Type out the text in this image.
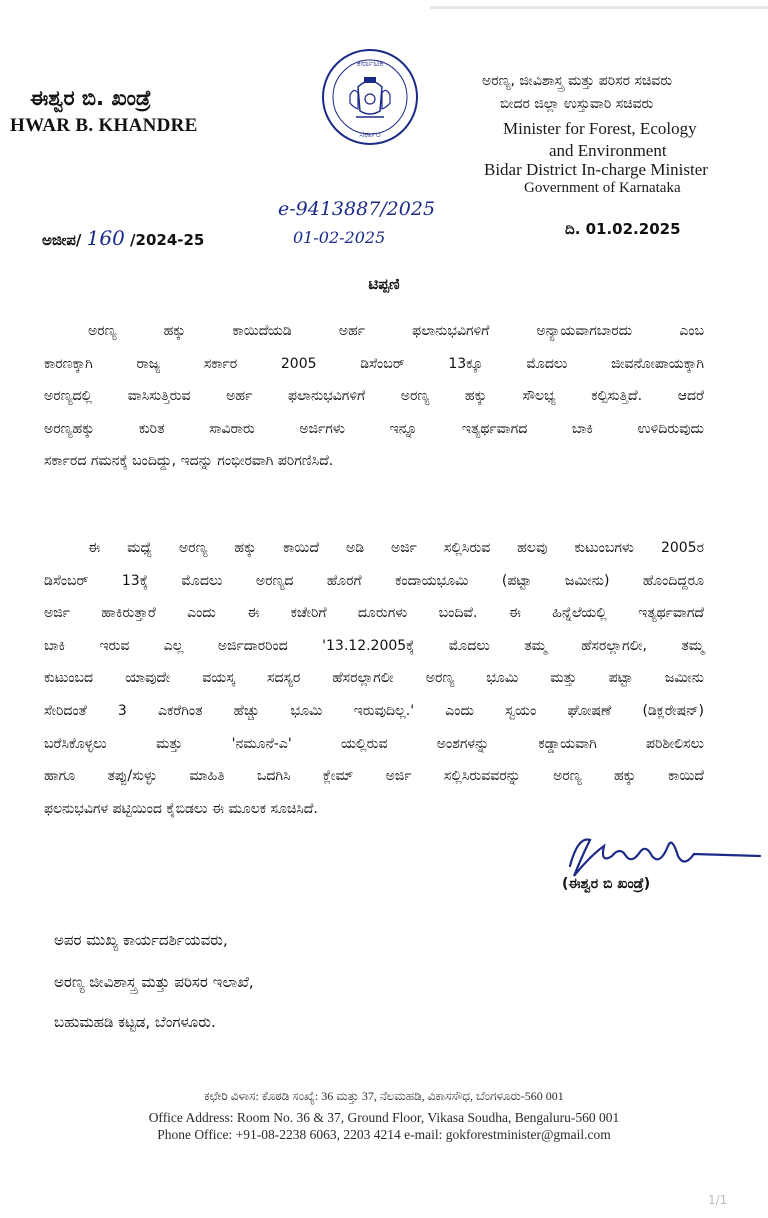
ಈಶ್ವರ ಬಿ. ಖಂಡ್ರೆ
HWAR B. KHANDRE
ಕರ್ನಾಟಕ
ಸರ್ಕಾರ
ಅರಣ್ಯ, ಜೀವಿಶಾಸ್ತ್ರ ಮತ್ತು ಪರಿಸರ ಸಚಿವರು
ಬೀದರ ಜಿಲ್ಲಾ ಉಸ್ತುವಾರಿ ಸಚಿವರು
Minister for Forest, Ecology
and Environment
Bidar District In-charge Minister
Government of Karnataka
ಅಜೀಪ/ 160 /2024-25
e-9413887/2025
01-02-2025	ದಿ. 01.02.2025
ಟಿಪ್ಪಣಿ
ಅರಣ್ಯ ಹಕ್ಕು ಕಾಯಿದೆಯಡಿ ಅರ್ಹ ಫಲಾನುಭವಿಗಳಿಗೆ ಅನ್ಯಾಯವಾಗಬಾರದು ಎಂಬ
ಕಾರಣಕ್ಕಾಗಿ ರಾಜ್ಯ ಸರ್ಕಾರ 2005 ಡಿಸೆಂಬರ್ 13ಕ್ಕೂ ಮೊದಲು ಜೀವನೋಪಾಯಕ್ಕಾಗಿ
ಅರಣ್ಯದಲ್ಲಿ ವಾಸಿಸುತ್ತಿರುವ ಅರ್ಹ ಫಲಾನುಭವಿಗಳಿಗೆ ಅರಣ್ಯ ಹಕ್ಕು ಸೌಲಭ್ಯ ಕಲ್ಪಿಸುತ್ತಿದೆ. ಆದರೆ
ಅರಣ್ಯಹಕ್ಕು ಕುರಿತ ಸಾವಿರಾರು ಅರ್ಜಿಗಳು ಇನ್ನೂ ಇತ್ಯರ್ಥವಾಗದ ಬಾಕಿ ಉಳಿದಿರುವುದು
ಸರ್ಕಾರದ ಗಮನಕ್ಕೆ ಬಂದಿದ್ದು, ಇದನ್ನು ಗಂಭೀರವಾಗಿ ಪರಿಗಣಿಸಿದೆ.
ಈ ಮಧ್ಯೆ ಅರಣ್ಯ ಹಕ್ಕು ಕಾಯಿದೆ ಅಡಿ ಅರ್ಜಿ ಸಲ್ಲಿಸಿರುವ ಹಲವು ಕುಟುಂಬಗಳು 2005ರ
ಡಿಸೆಂಬರ್ 13ಕ್ಕೆ ಮೊದಲು ಅರಣ್ಯದ ಹೊರಗೆ ಕಂದಾಯಭೂಮಿ (ಪಟ್ಟಾ ಜಮೀನು) ಹೊಂದಿದ್ದರೂ
ಅರ್ಜಿ ಹಾಕಿರುತ್ತಾರೆ ಎಂದು ಈ ಕಚೇರಿಗೆ ದೂರುಗಳು ಬಂದಿವೆ. ಈ ಹಿನ್ನೆಲೆಯಲ್ಲಿ ಇತ್ಯರ್ಥವಾಗದೆ
ಬಾಕಿ ಇರುವ ಎಲ್ಲ ಅರ್ಜಿದಾರರಿಂದ '13.12.2005ಕ್ಕೆ ಮೊದಲು ತಮ್ಮ ಹೆಸರಲ್ಲಾಗಲೀ, ತಮ್ಮ
ಕುಟುಂಬದ ಯಾವುದೇ ವಯಸ್ಕ ಸದಸ್ಯರ ಹೆಸರಲ್ಲಾಗಲೀ ಅರಣ್ಯ ಭೂಮಿ ಮತ್ತು ಪಟ್ಟಾ ಜಮೀನು
ಸೇರಿದಂತೆ 3 ಎಕರೆಗಿಂತ ಹೆಚ್ಚು ಭೂಮಿ ಇರುವುದಿಲ್ಲ.' ಎಂದು ಸ್ವಯಂ ಘೋಷಣೆ (ಡಿಕ್ಲರೇಷನ್)
ಬರೆಸಿಕೊಳ್ಳಲು ಮತ್ತು 'ನಮೂನೆ-ಎ' ಯಲ್ಲಿರುವ ಅಂಶಗಳನ್ನು ಕಡ್ಡಾಯವಾಗಿ ಪರಿಶೀಲಿಸಲು
ಹಾಗೂ ತಪ್ಪು/ಸುಳ್ಳು ಮಾಹಿತಿ ಒದಗಿಸಿ ಕ್ಲೇಮ್ ಅರ್ಜಿ ಸಲ್ಲಿಸಿರುವವರನ್ನು ಅರಣ್ಯ ಹಕ್ಕು ಕಾಯಿದೆ
ಫಲನುಭವಿಗಳ ಪಟ್ಟಿಯಿಂದ ಕೈಬಿಡಲು ಈ ಮೂಲಕ ಸೂಚಿಸಿದೆ.
(ಈಶ್ವರ ಬಿ ಖಂಡ್ರೆ)
ಅಪರ ಮುಖ್ಯ ಕಾರ್ಯದರ್ಶಿಯವರು,
ಅರಣ್ಯ ಜೀವಿಶಾಸ್ತ್ರ ಮತ್ತು ಪರಿಸರ ಇಲಾಖೆ,
ಬಹುಮಹಡಿ ಕಟ್ಟಡ, ಬೆಂಗಳೂರು.
ಕಛೇರಿ ವಿಳಾಸ: ಕೊಠಡಿ ಸಂಖ್ಯೆ: 36 ಮತ್ತು 37, ನೆಲಮಹಡಿ, ವಿಕಾಸಸೌಧ, ಬೆಂಗಳೂರು-560 001
Office Address: Room No. 36 & 37, Ground Floor, Vikasa Soudha, Bengaluru-560 001
Phone Office: +91-08-2238 6063, 2203 4214 e-mail: gokforestminister@gmail.com
1/1
